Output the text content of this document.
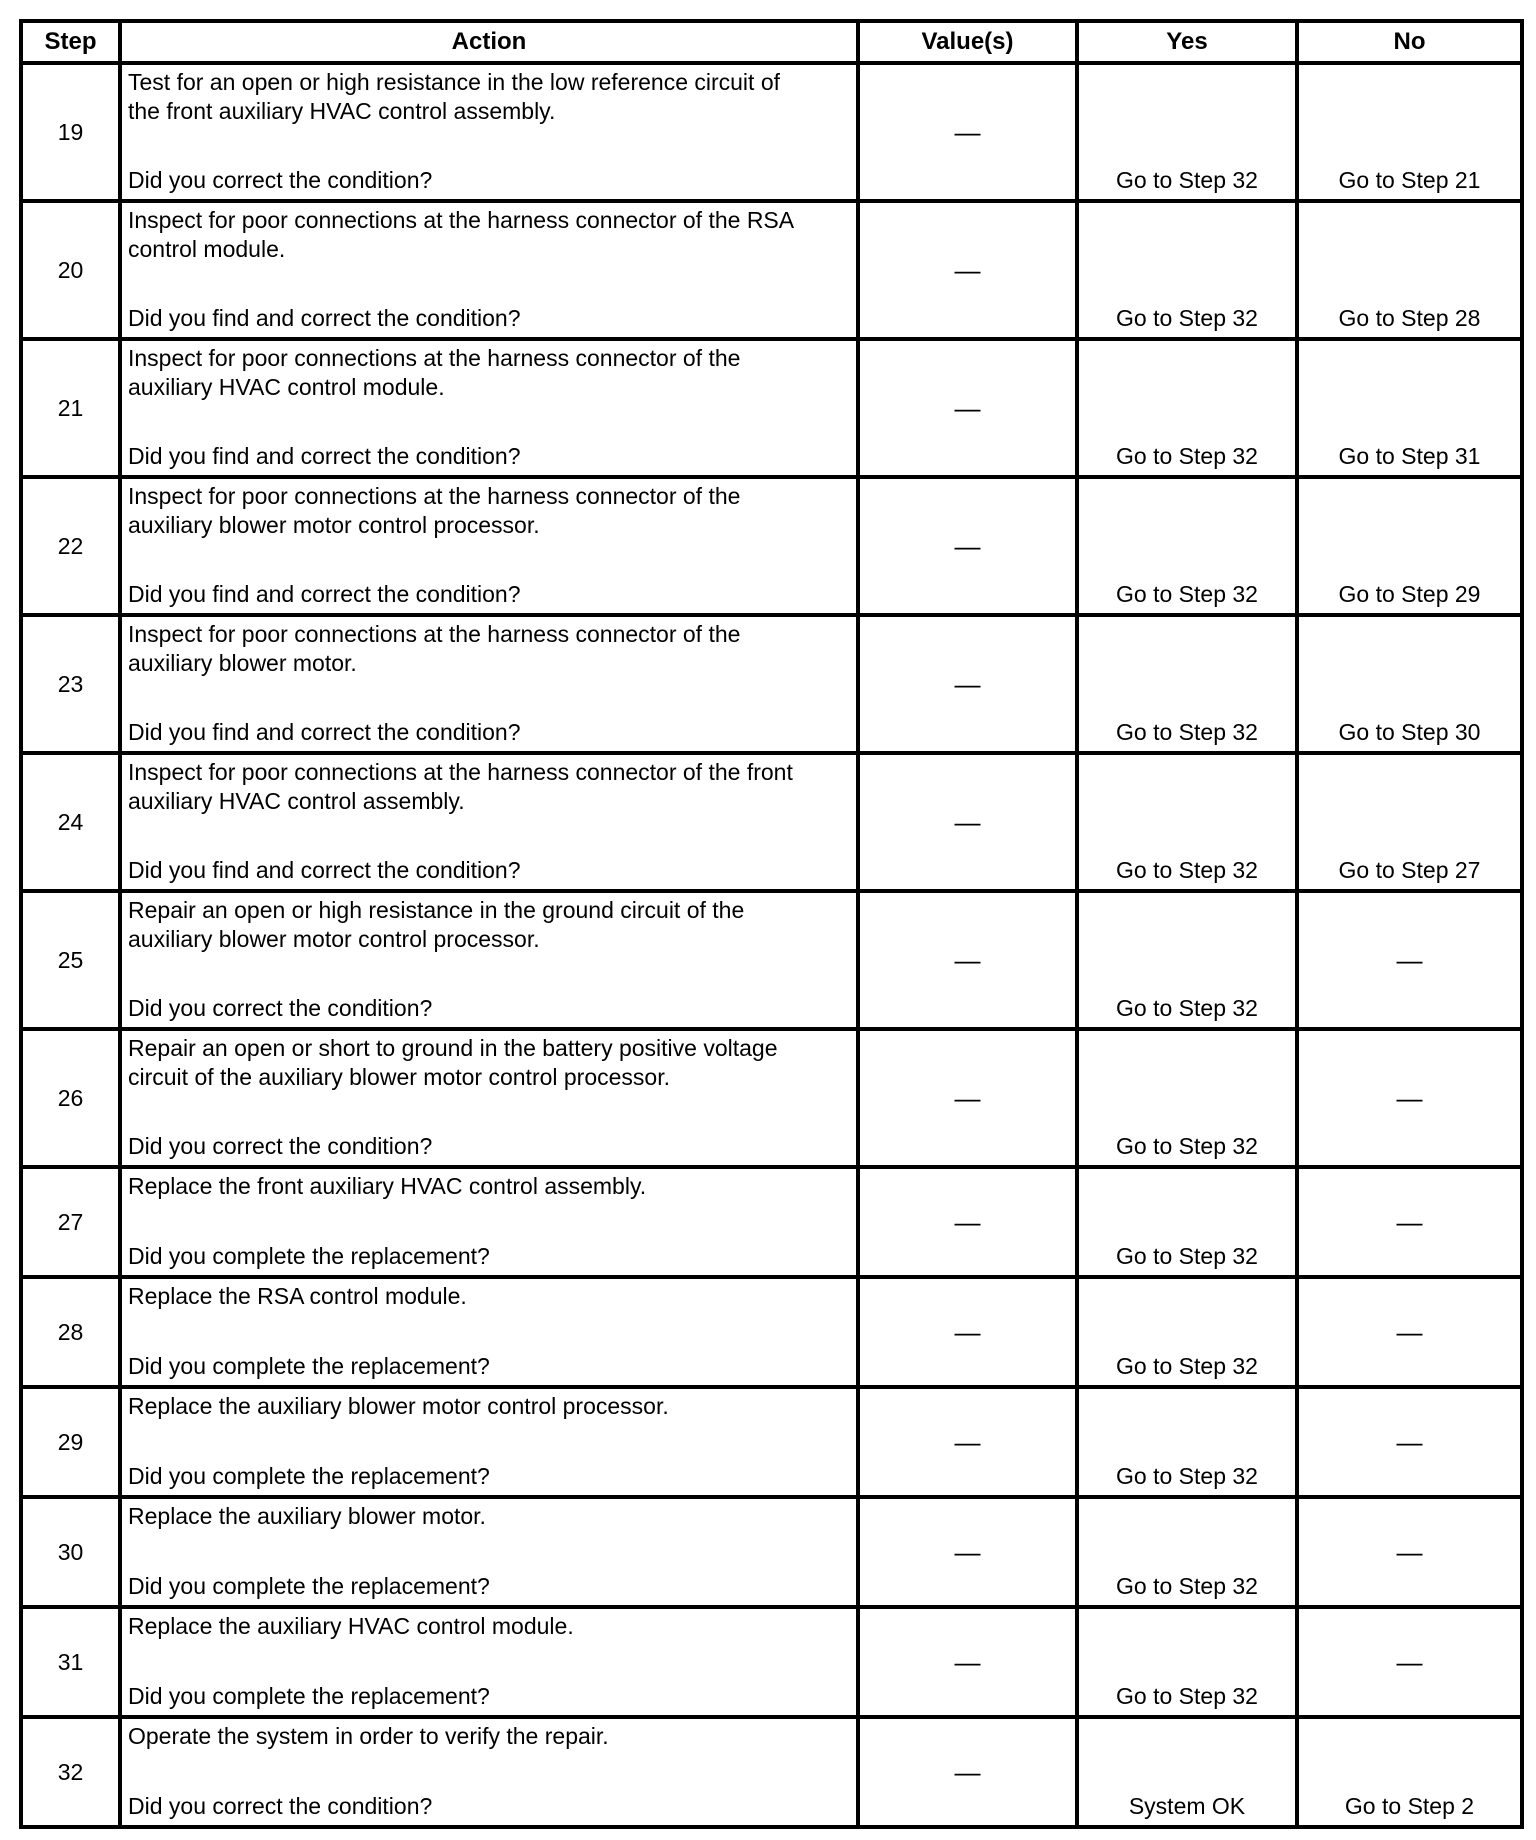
Step	Action	Value(s)	Yes	No
19	Test for an open or high resistance in the low reference circuit of
the front auxiliary HVAC control assembly.
Did you correct the condition?	—	Go to Step 32	Go to Step 21
20	Inspect for poor connections at the harness connector of the RSA
control module.
Did you find and correct the condition?	—	Go to Step 32	Go to Step 28
21	Inspect for poor connections at the harness connector of the
auxiliary HVAC control module.
Did you find and correct the condition?	—	Go to Step 32	Go to Step 31
22	Inspect for poor connections at the harness connector of the
auxiliary blower motor control processor.
Did you find and correct the condition?	—	Go to Step 32	Go to Step 29
23	Inspect for poor connections at the harness connector of the
auxiliary blower motor.
Did you find and correct the condition?	—	Go to Step 32	Go to Step 30
24	Inspect for poor connections at the harness connector of the front
auxiliary HVAC control assembly.
Did you find and correct the condition?	—	Go to Step 32	Go to Step 27
25	Repair an open or high resistance in the ground circuit of the
auxiliary blower motor control processor.
Did you correct the condition?	—	Go to Step 32	—
26	Repair an open or short to ground in the battery positive voltage
circuit of the auxiliary blower motor control processor.
Did you correct the condition?	—	Go to Step 32	—
27	Replace the front auxiliary HVAC control assembly.
Did you complete the replacement?	—	Go to Step 32	—
28	Replace the RSA control module.
Did you complete the replacement?	—	Go to Step 32	—
29	Replace the auxiliary blower motor control processor.
Did you complete the replacement?	—	Go to Step 32	—
30	Replace the auxiliary blower motor.
Did you complete the replacement?	—	Go to Step 32	—
31	Replace the auxiliary HVAC control module.
Did you complete the replacement?	—	Go to Step 32	—
32	Operate the system in order to verify the repair.
Did you correct the condition?	—	System OK	Go to Step 2
